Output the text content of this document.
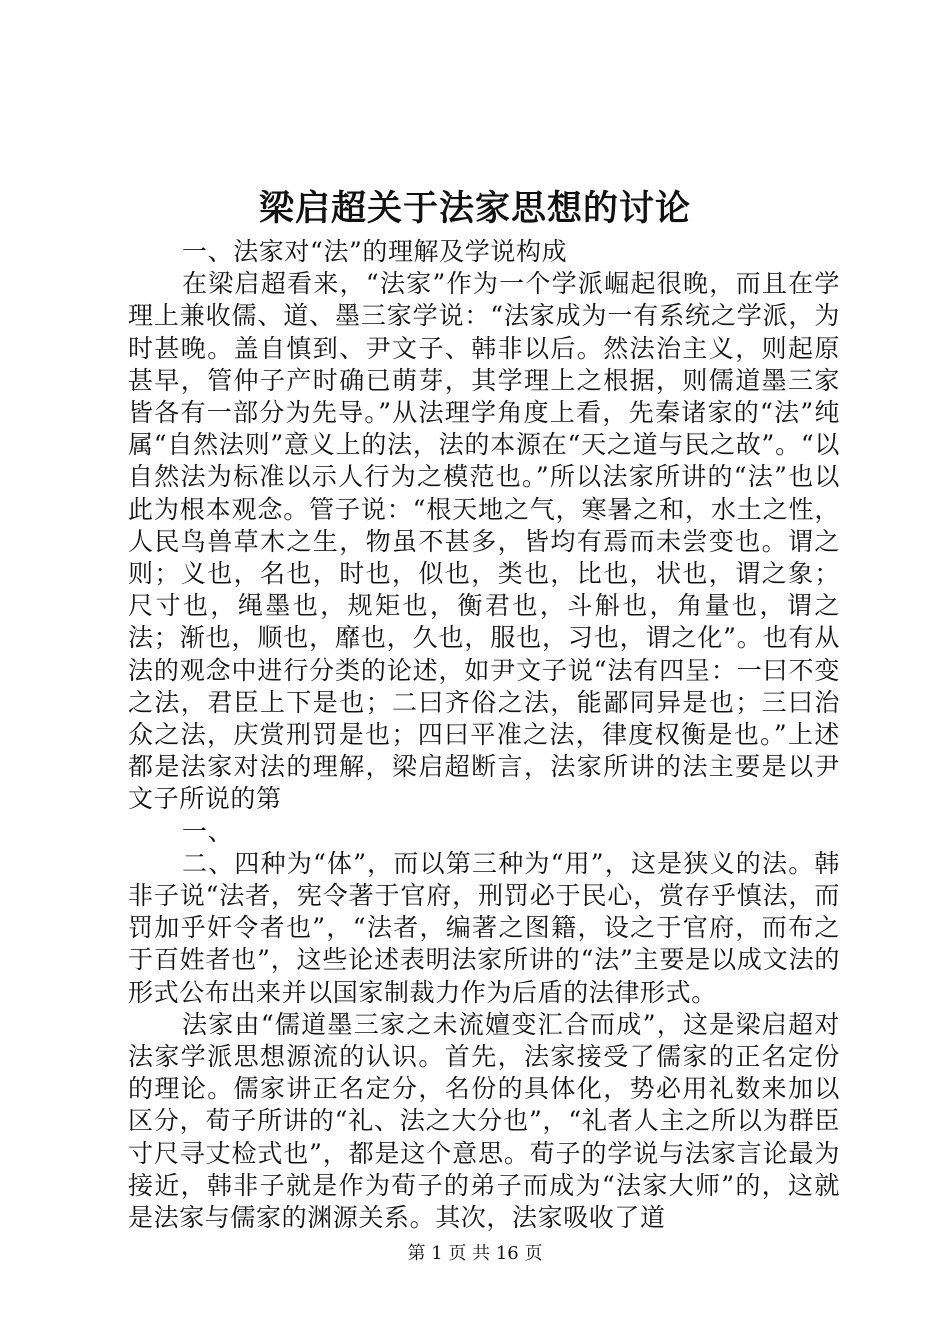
梁启超关于法家思想的讨论

一、法家对“法”的理解及学说构成

在梁启超看来，“法家”作为一个学派崛起很晚，而且在学理上兼收儒、道、墨三家学说：“法家成为一有系统之学派，为时甚晚。盖自慎到、尹文子、韩非以后。然法治主义，则起原甚早，管仲子产时确已萌芽，其学理上之根据，则儒道墨三家皆各有一部分为先导。”从法理学角度上看，先秦诸家的“法”纯属“自然法则”意义上的法，法的本源在“天之道与民之故”。“以自然法为标准以示人行为之模范也。”所以法家所讲的“法”也以此为根本观念。管子说：“根天地之气，寒暑之和，水土之性，人民鸟兽草木之生，物虽不甚多，皆均有焉而未尝变也。谓之则；义也，名也，时也，似也，类也，比也，状也，谓之象；尺寸也，绳墨也，规矩也，衡君也，斗斛也，角量也，谓之法；渐也，顺也，靡也，久也，服也，习也，谓之化”。也有从法的观念中进行分类的论述，如尹文子说“法有四呈：一曰不变之法，君臣上下是也；二曰齐俗之法，能鄙同异是也；三曰治众之法，庆赏刑罚是也；四曰平准之法，律度权衡是也。”上述都是法家对法的理解，梁启超断言，法家所讲的法主要是以尹文子所说的第

一、

二、四种为“体”，而以第三种为“用”，这是狭义的法。韩非子说“法者，宪令著于官府，刑罚必于民心，赏存乎慎法，而罚加乎奸令者也”，“法者，编著之图籍，设之于官府，而布之于百姓者也”，这些论述表明法家所讲的“法”主要是以成文法的形式公布出来并以国家制裁力作为后盾的法律形式。

法家由“儒道墨三家之未流嬗变汇合而成”，这是梁启超对法家学派思想源流的认识。首先，法家接受了儒家的正名定份的理论。儒家讲正名定分，名份的具体化，势必用礼数来加以区分，荀子所讲的“礼、法之大分也”，“礼者人主之所以为群臣寸尺寻丈检式也”，都是这个意思。荀子的学说与法家言论最为接近，韩非子就是作为荀子的弟子而成为“法家大师”的，这就是法家与儒家的渊源关系。其次，法家吸收了道

第 1 页 共 16 页
